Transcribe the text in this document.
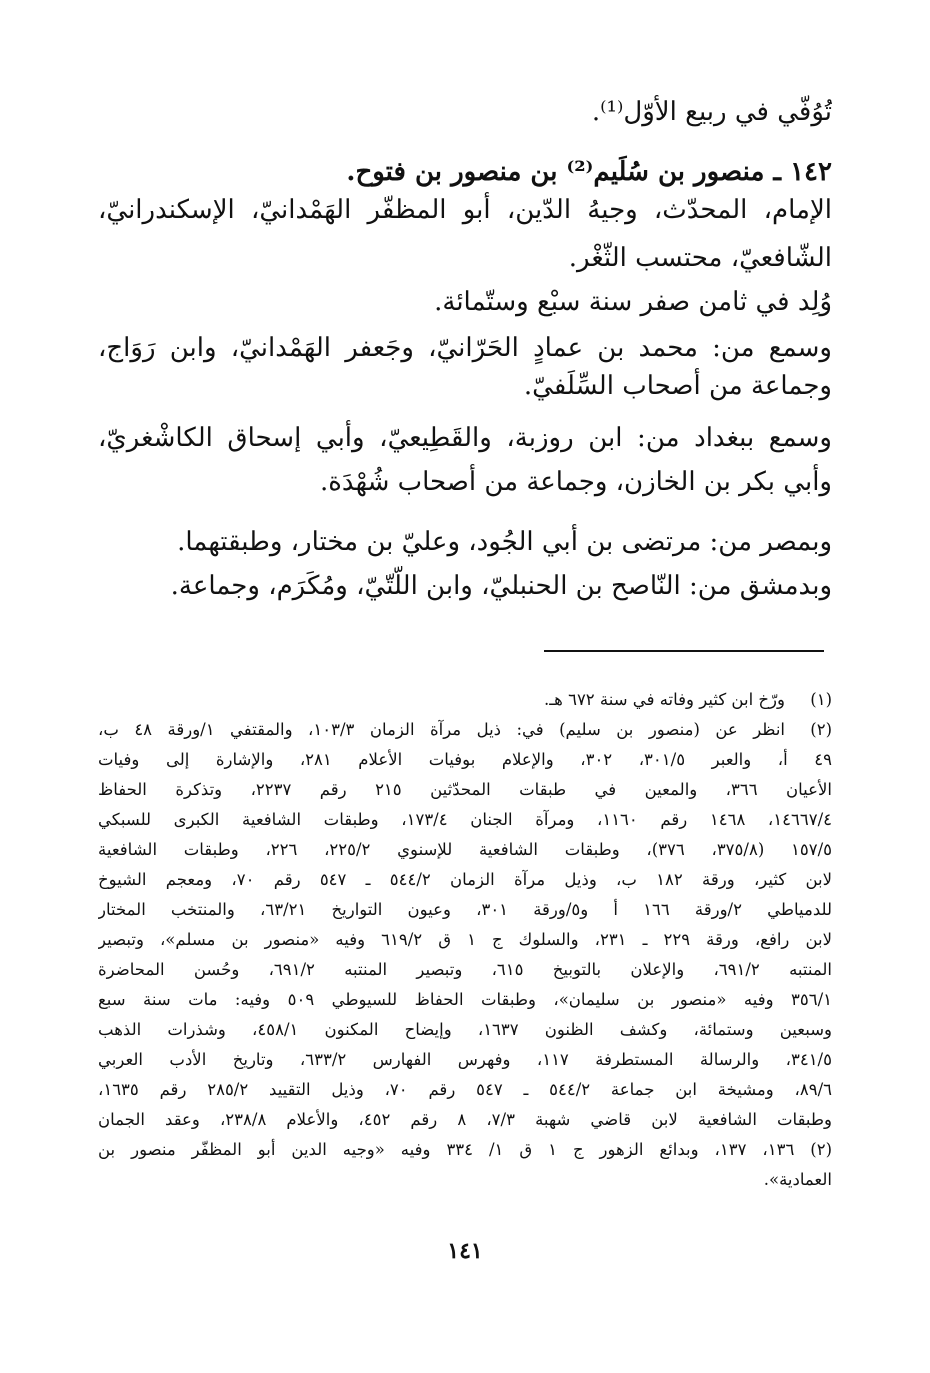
تُوُفّي في ربيع الأوّل⁽¹⁾.
١٤٢ ـ منصور بن سُلَيم⁽²⁾ بن منصور بن فتوح.
الإمام، المحدّث، وجيهُ الدّين، أبو المظفّر الهَمْدانيّ، الإسكندرانيّ،
الشّافعيّ، محتسب الثّغْر.
وُلِد في ثامن صفر سنة سبْع وستّمائة.
وسمع من: محمد بن عمادٍ الحَرّانيّ، وجَعفر الهَمْدانيّ، وابن رَوَاج،
وجماعة من أصحاب السِّلَفيّ.
وسمع ببغداد من: ابن روزبة، والقَطِيعيّ، وأبي إسحاق الكاشْغريّ،
وأبي بكر بن الخازن، وجماعة من أصحاب شُهْدَة.
وبمصر من: مرتضى بن أبي الجُود، وعليّ بن مختار، وطبقتهما.
وبدمشق من: النّاصح بن الحنبليّ، وابن اللّتّيّ، ومُكَرَم، وجماعة.
(١)
ورّخ ابن كثير وفاته في سنة ٦٧٢ هـ.
(٢)
انظر عن (منصور بن سليم) في: ذيل مرآة الزمان ١٠٣/٣، والمقتفي ١/ورقة ٤٨ ب،
٤٩ أ، والعبر ٣٠١/٥، ٣٠٢، والإعلام بوفيات الأعلام ٢٨١، والإشارة إلى وفيات
الأعيان ٣٦٦، والمعين في طبقات المحدّثين ٢١٥ رقم ٢٢٣٧، وتذكرة الحفاظ
١٤٦٦٧/٤، ١٤٦٨ رقم ١١٦٠، ومرآة الجنان ١٧٣/٤، وطبقات الشافعية الكبرى للسبكي
١٥٧/٥ (٣٧٥/٨، ٣٧٦)، وطبقات الشافعية للإسنوي ٢٢٥/٢، ٢٢٦، وطبقات الشافعية
لابن كثير، ورقة ١٨٢ ب، وذيل مرآة الزمان ٥٤٤/٢ ـ ٥٤٧ رقم ٧٠، ومعجم الشيوخ
للدمياطي ٢/ورقة ١٦٦ أ و٥/ورقة ٣٠١، وعيون التواريخ ٦٣/٢١، والمنتخب المختار
لابن رافع، ورقة ٢٢٩ ـ ٢٣١، والسلوك ج ١ ق ٦١٩/٢ وفيه «منصور بن مسلم»، وتبصير
المنتبه ٦٩١/٢، والإعلان بالتوبيخ ٦١٥، وتبصير المنتبه ٦٩١/٢، وحُسن المحاضرة
٣٥٦/١ وفيه «منصور بن سليمان»، وطبقات الحفاظ للسيوطي ٥٠٩ وفيه: مات سنة سبع
وسبعين وستمائة، وكشف الظنون ١٦٣٧، وإيضاح المكنون ٤٥٨/١، وشذرات الذهب
٣٤١/٥، والرسالة المستطرفة ١١٧، وفهرس الفهارس ٦٣٣/٢، وتاريخ الأدب العربي
٨٩/٦، ومشيخة ابن جماعة ٥٤٤/٢ ـ ٥٤٧ رقم ٧٠، وذيل التقييد ٢٨٥/٢ رقم ١٦٣٥،
وطبقات الشافعية لابن قاضي شهبة ٧/٣، ٨ رقم ٤٥٢، والأعلام ٢٣٨/٨، وعقد الجمان
(٢) ١٣٦، ١٣٧، وبدائع الزهور ج ١ ق ١/ ٣٣٤ وفيه «وجيه الدين أبو المظفّر منصور بن
العمادية».
١٤١
